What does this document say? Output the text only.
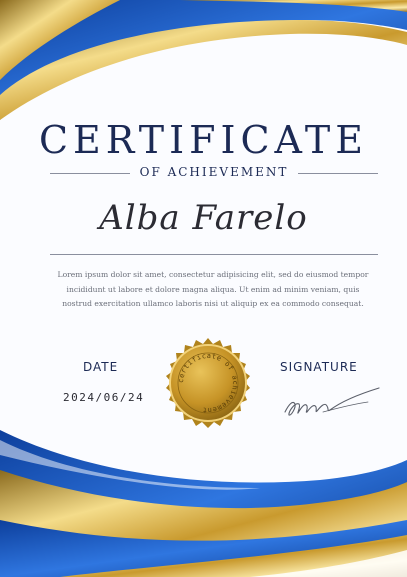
CERTIFICATE
OF ACHIEVEMENT
Alba Farelo
Lorem ipsum dolor sit amet, consectetur adipisicing elit, sed do eiusmod tempor incididunt ut labore et dolore magna aliqua. Ut enim ad minim veniam, quis nostrud exercitation ullamco laboris nisi ut aliquip ex ea commodo consequat.
DATE
2024/06/24
certificate of achievement
SIGNATURE
